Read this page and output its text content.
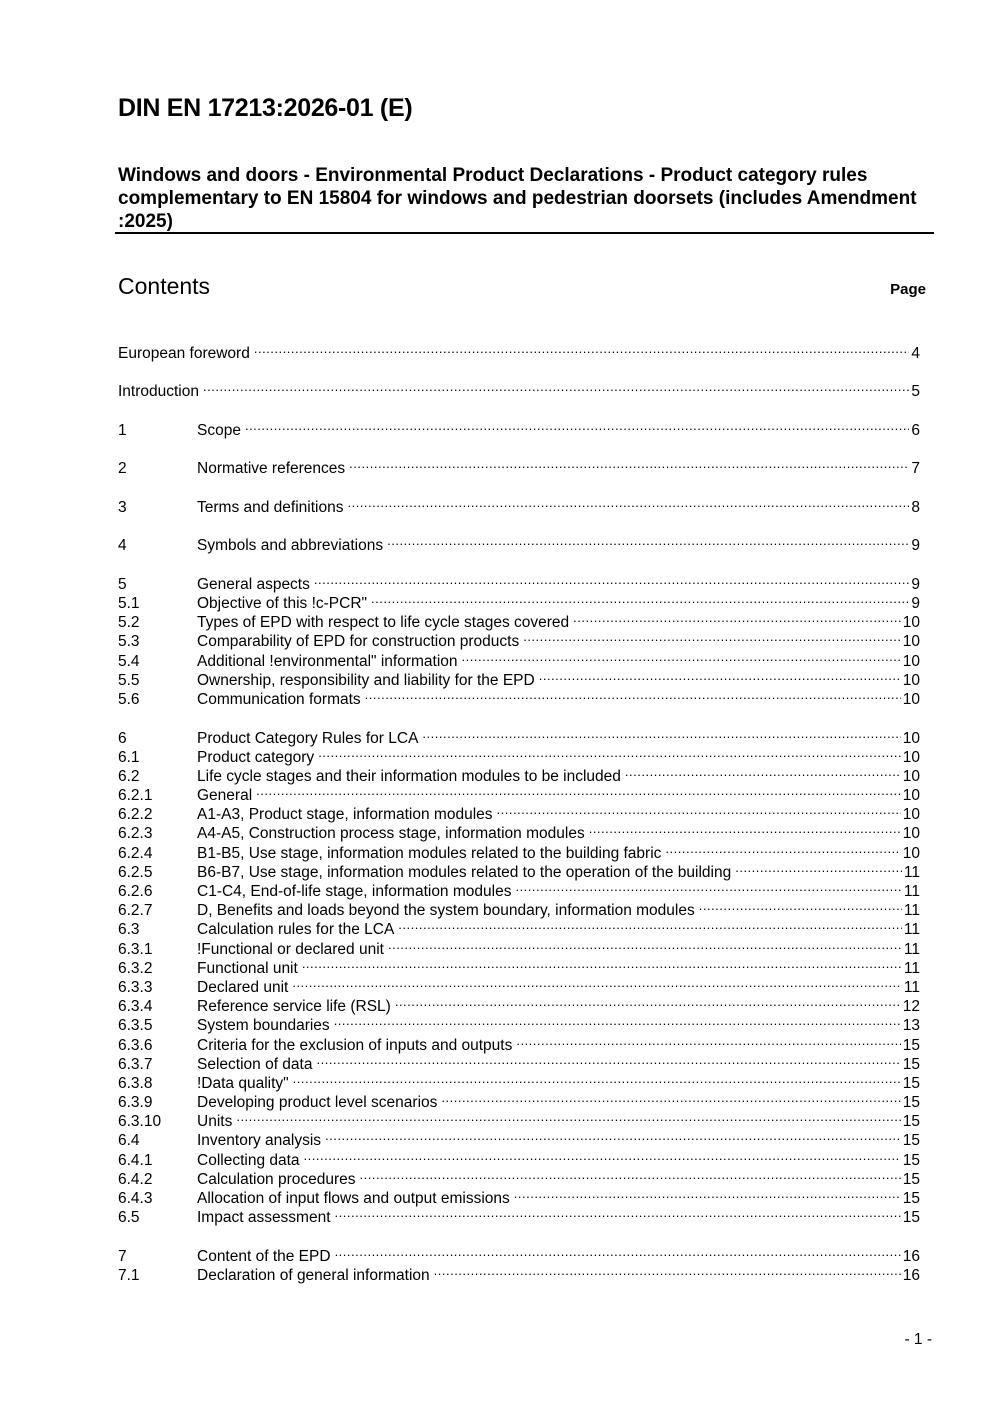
DIN EN 17213:2026-01 (E)
Windows and doors - Environmental Product Declarations - Product category rules complementary to EN 15804 for windows and pedestrian doorsets (includes Amendment :2025)
Contents	Page
European foreword .....	4
Introduction .....	5
1	Scope .....	6
2	Normative references .....	7
3	Terms and definitions .....	8
4	Symbols and abbreviations .....	9
5	General aspects .....	9
5.1	Objective of this !c-PCR" .....	9
5.2	Types of EPD with respect to life cycle stages covered .....	10
5.3	Comparability of EPD for construction products .....	10
5.4	Additional !environmental" information .....	10
5.5	Ownership, responsibility and liability for the EPD .....	10
5.6	Communication formats .....	10
6	Product Category Rules for LCA .....	10
6.1	Product category .....	10
6.2	Life cycle stages and their information modules to be included .....	10
6.2.1	General .....	10
6.2.2	A1-A3, Product stage, information modules .....	10
6.2.3	A4-A5, Construction process stage, information modules .....	10
6.2.4	B1-B5, Use stage, information modules related to the building fabric .....	10
6.2.5	B6-B7, Use stage, information modules related to the operation of the building .....	11
6.2.6	C1-C4, End-of-life stage, information modules .....	11
6.2.7	D, Benefits and loads beyond the system boundary, information modules .....	11
6.3	Calculation rules for the LCA .....	11
6.3.1	!Functional or declared unit .....	11
6.3.2	Functional unit .....	11
6.3.3	Declared unit .....	11
6.3.4	Reference service life (RSL) .....	12
6.3.5	System boundaries .....	13
6.3.6	Criteria for the exclusion of inputs and outputs .....	15
6.3.7	Selection of data .....	15
6.3.8	!Data quality" .....	15
6.3.9	Developing product level scenarios .....	15
6.3.10	Units .....	15
6.4	Inventory analysis .....	15
6.4.1	Collecting data .....	15
6.4.2	Calculation procedures .....	15
6.4.3	Allocation of input flows and output emissions .....	15
6.5	Impact assessment .....	15
7	Content of the EPD .....	16
7.1	Declaration of general information .....	16
- 1 -
